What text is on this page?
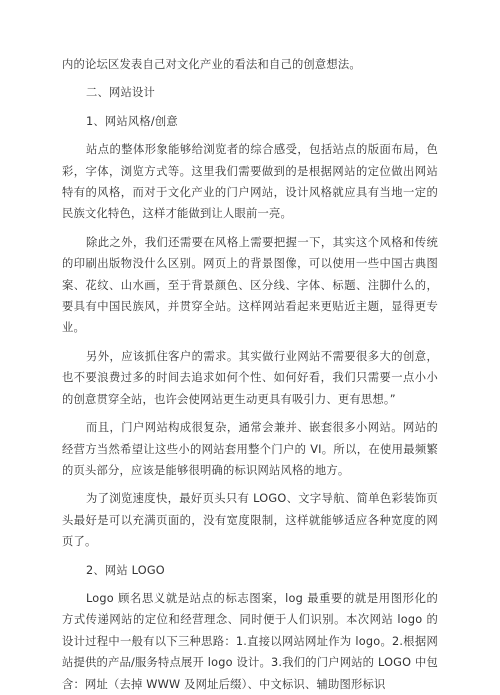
内的论坛区发表自己对文化产业的看法和自己的创意想法。

二、网站设计

1、网站风格/创意

站点的整体形象能够给浏览者的综合感受，包括站点的版面布局，色彩，字体，浏览方式等。这里我们需要做到的是根据网站的定位做出网站特有的风格，而对于文化产业的门户网站，设计风格就应具有当地一定的民族文化特色，这样才能做到让人眼前一亮。

除此之外，我们还需要在风格上需要把握一下，其实这个风格和传统的印刷出版物没什么区别。网页上的背景图像，可以使用一些中国古典图案、花纹、山水画，至于背景颜色、区分线、字体、标题、注脚什么的，要具有中国民族风，并贯穿全站。这样网站看起来更贴近主题，显得更专业。

另外，应该抓住客户的需求。其实做行业网站不需要很多大的创意，也不要浪费过多的时间去追求如何个性、如何好看，我们只需要一点小小的创意贯穿全站，也许会使网站更生动更具有吸引力、更有思想。”

而且，门户网站构成很复杂，通常会兼并、嵌套很多小网站。网站的经营方当然希望让这些小的网站套用整个门户的 VI。所以，在使用最频繁的页头部分，应该是能够很明确的标识网站风格的地方。

为了浏览速度快，最好页头只有 LOGO、文字导航、简单色彩装饰页头最好是可以充满页面的，没有宽度限制，这样就能够适应各种宽度的网页了。

2、网站 LOGO

Logo 顾名思义就是站点的标志图案，log 最重要的就是用图形化的方式传递网站的定位和经营理念、同时便于人们识别。本次网站 logo 的设计过程中一般有以下三种思路：1.直接以网站网址作为 logo。2.根据网站提供的产品/服务特点展开 logo 设计。3.我们的门户网站的 LOGO 中包含：网址（去掉 WWW 及网址后缀）、中文标识、辅助图形标识
